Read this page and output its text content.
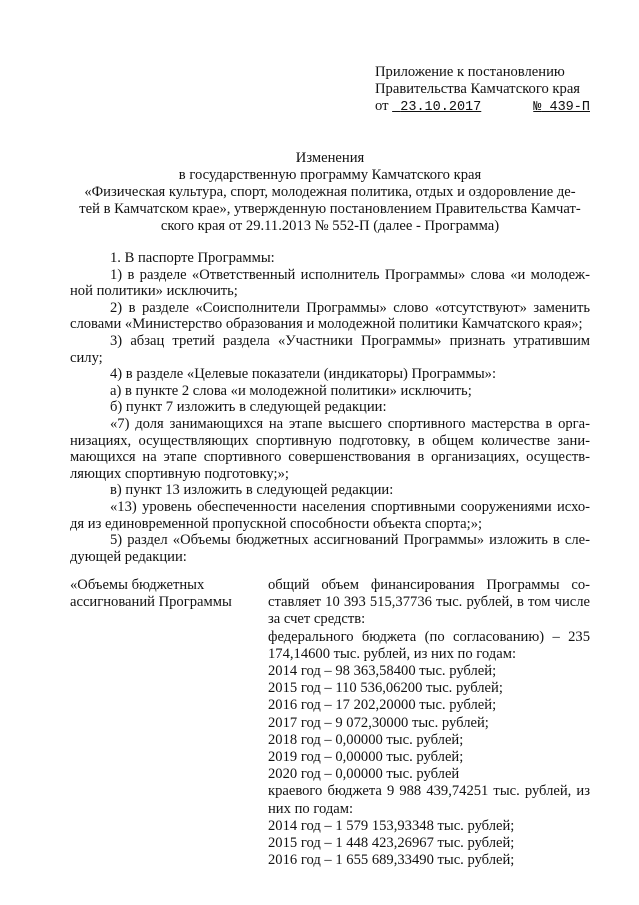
Приложение к постановлению
Правительства Камчатского края
от 23.10.2017	№ 439-П
Изменения
в государственную программу Камчатского края
«Физическая культура, спорт, молодежная политика, отдых и оздоровление де-
тей в Камчатском крае», утвержденную постановлением Правительства Камчат-
ского края от 29.11.2013 № 552-П (далее - Программа)

1. В паспорте Программы:

1) в разделе «Ответственный исполнитель Программы» слова «и молодеж- ной политики» исключить;

2) в разделе «Соисполнители Программы» слово «отсутствуют» заменить словами «Министерство образования и молодежной политики Камчатского края»;

3) абзац третий раздела «Участники Программы» признать утратившим силу;

4) в разделе «Целевые показатели (индикаторы) Программы»:

а) в пункте 2 слова «и молодежной политики» исключить;

б) пункт 7 изложить в следующей редакции:

«7) доля занимающихся на этапе высшего спортивного мастерства в орга- низациях, осуществляющих спортивную подготовку, в общем количестве зани- мающихся на этапе спортивного совершенствования в организациях, осуществ- ляющих спортивную подготовку;»;

в) пункт 13 изложить в следующей редакции:

«13) уровень обеспеченности населения спортивными сооружениями исхо- дя из единовременной пропускной способности объекта спорта;»;

5) раздел «Объемы бюджетных ассигнований Программы» изложить в сле- дующей редакции:

«Объемы бюджетных ассигнований Программы
общий объем финансирования Программы со- ставляет 10 393 515,37736 тыс. рублей, в том числе за счет средств:
федерального бюджета (по согласованию) – 235 174,14600 тыс. рублей, из них по годам:
2014 год – 98 363,58400 тыс. рублей;
2015 год – 110 536,06200 тыс. рублей;
2016 год – 17 202,20000 тыс. рублей;
2017 год – 9 072,30000 тыс. рублей;
2018 год – 0,00000 тыс. рублей;
2019 год – 0,00000 тыс. рублей;
2020 год – 0,00000 тыс. рублей
краевого бюджета 9 988 439,74251 тыс. рублей, из них по годам:
2014 год – 1 579 153,93348 тыс. рублей;
2015 год – 1 448 423,26967 тыс. рублей;
2016 год – 1 655 689,33490 тыс. рублей;
